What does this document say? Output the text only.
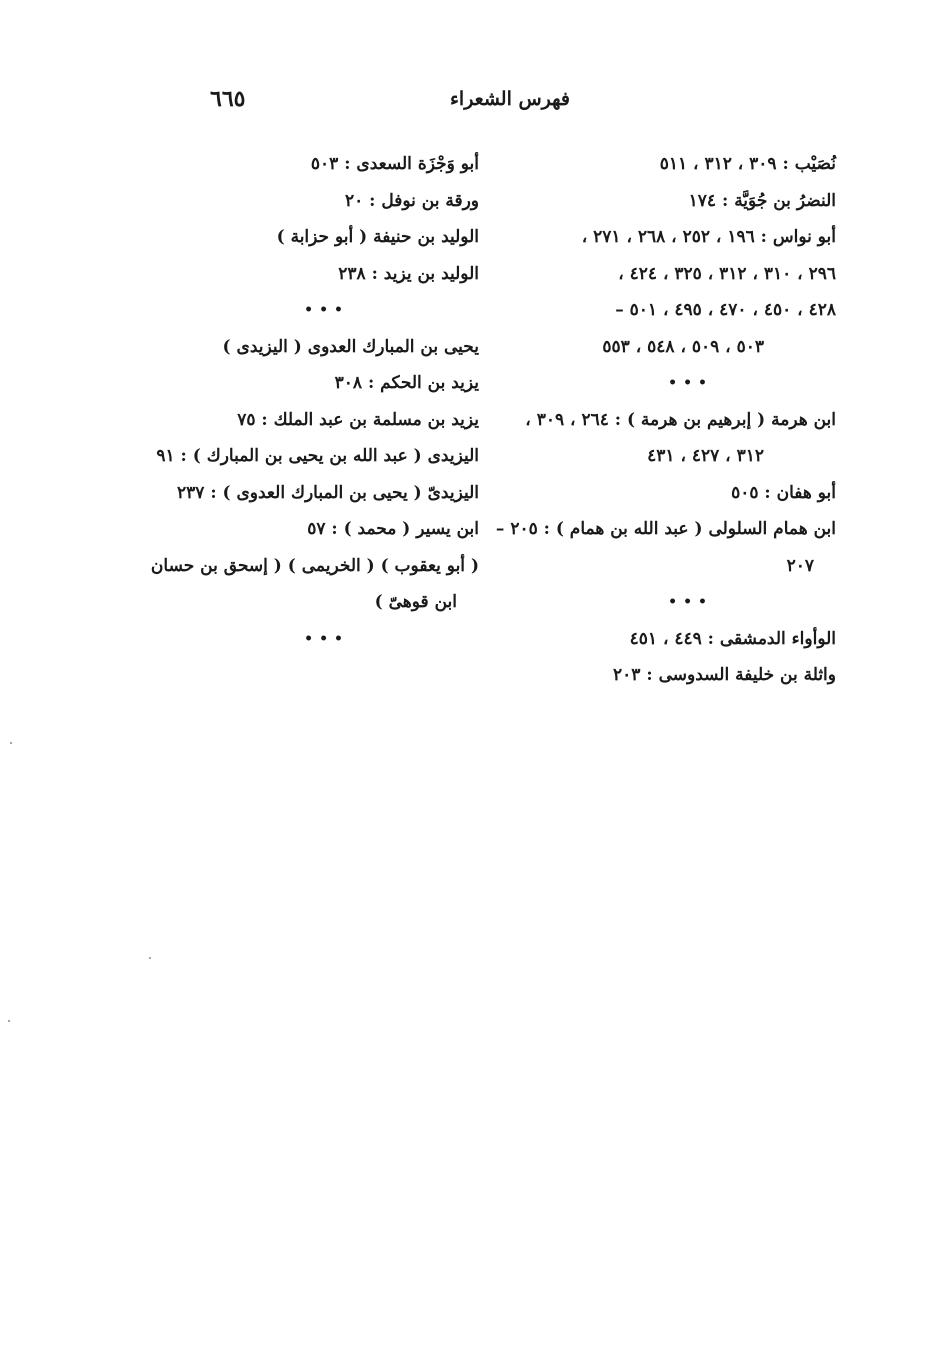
فهرس الشعراء
٦٦٥
نُصَيْب : ٣٠٩ ، ٣١٢ ، ٥١١
النضرُ بن جُوَيَّة : ١٧٤
أبو نواس : ١٩٦ ، ٢٥٢ ، ٢٦٨ ، ٢٧١ ،
٢٩٦ ، ٣١٠ ، ٣١٢ ، ٣٢٥ ، ٤٢٤ ،
٤٢٨ ، ٤٥٠ ، ٤٧٠ ، ٤٩٥ ، ٥٠١ –
٥٠٣ ، ٥٠٩ ، ٥٤٨ ، ٥٥٣
•••
ابن هرمة ( إبرهيم بن هرمة ) : ٢٦٤ ، ٣٠٩ ،
٣١٢ ، ٤٢٧ ، ٤٣١
أبو هفان : ٥٠٥
ابن همام السلولى ( عبد الله بن همام ) : ٢٠٥ –
٢٠٧
•••
الوأواء الدمشقى : ٤٤٩ ، ٤٥١
واثلة بن خليفة السدوسى : ٢٠٣
أبو وَجْزَة السعدى : ٥٠٣
ورقة بن نوفل : ٢٠
الوليد بن حنيفة ( أبو حزابة )
الوليد بن يزيد : ٢٣٨
•••
يحيى بن المبارك العدوى ( اليزيدى )
يزيد بن الحكم : ٣٠٨
يزيد بن مسلمة بن عبد الملك : ٧٥
اليزيدى ( عبد الله بن يحيى بن المبارك ) : ٩١
اليزيدىّ ( يحيى بن المبارك العدوى ) : ٢٣٧
ابن يسير ( محمد ) : ٥٧
( أبو يعقوب ) ( الخريمى ) ( إسحق بن حسان
ابن قوهىّ )
•••
